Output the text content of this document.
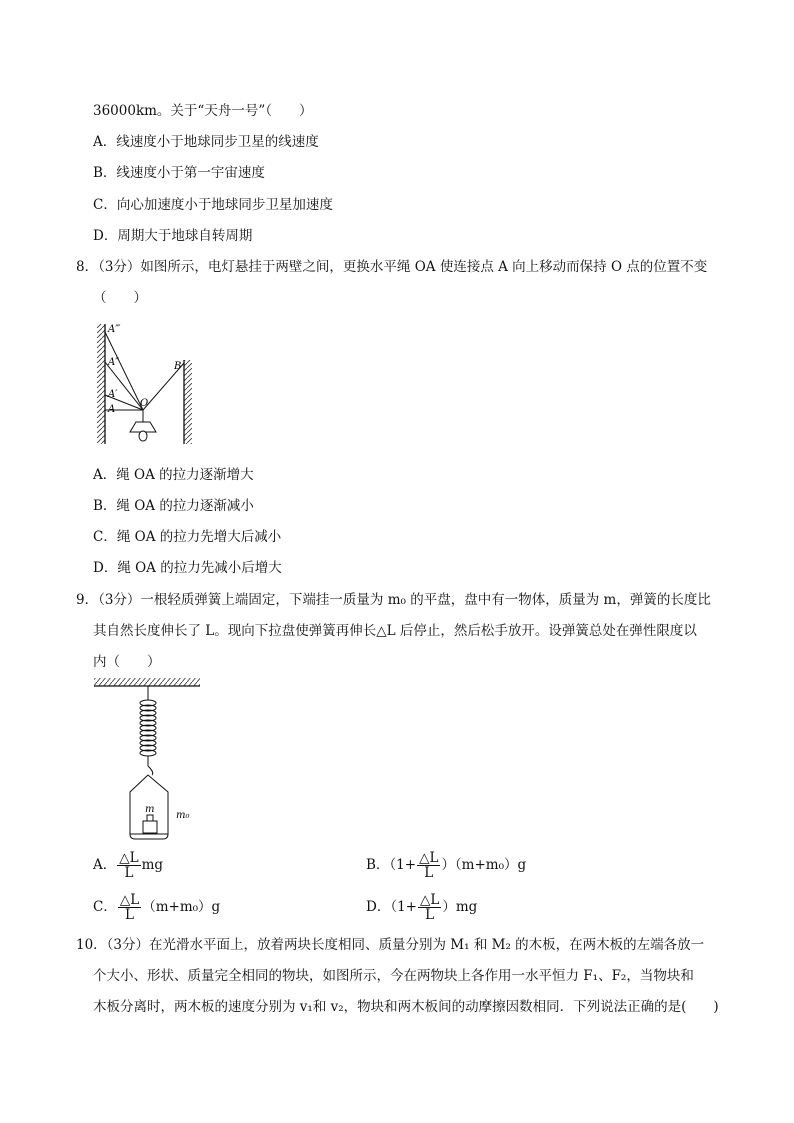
36000km。关于“天舟一号”（　　）
A．线速度小于地球同步卫星的线速度
B．线速度小于第一宇宙速度
C．向心加速度小于地球同步卫星加速度
D．周期大于地球自转周期
8．（3分）如图所示，电灯悬挂于两壁之间，更换水平绳 OA 使连接点 A 向上移动而保持 O 点的位置不变
（　　）
A‴
A″
A′
A
B
O
A．绳 OA 的拉力逐渐增大
B．绳 OA 的拉力逐渐减小
C．绳 OA 的拉力先增大后减小
D．绳 OA 的拉力先减小后增大
9．（3分）一根轻质弹簧上端固定，下端挂一质量为 m₀ 的平盘，盘中有一物体，质量为 m，弹簧的长度比
其自然长度伸长了 L。现向下拉盘使弹簧再伸长△L 后停止，然后松手放开。设弹簧总处在弹性限度以
内（　　）
m
m₀
A． $\frac{\triangle L}{L}$ mg	B．$(1+ \frac{\triangle L}{L} )(m+m_0)g$
C． $\frac{\triangle L}{L} (m+m_0)g$	D．$(1+ \frac{\triangle L}{L} )mg$
10．（3分）在光滑水平面上，放着两块长度相同、质量分别为 M₁ 和 M₂ 的木板，在两木板的左端各放一
个大小、形状、质量完全相同的物块，如图所示，今在两物块上各作用一水平恒力 F₁、F₂，当物块和
木板分离时，两木板的速度分别为 v₁和 v₂，物块和两木板间的动摩擦因数相同．下列说法正确的是(　　)
